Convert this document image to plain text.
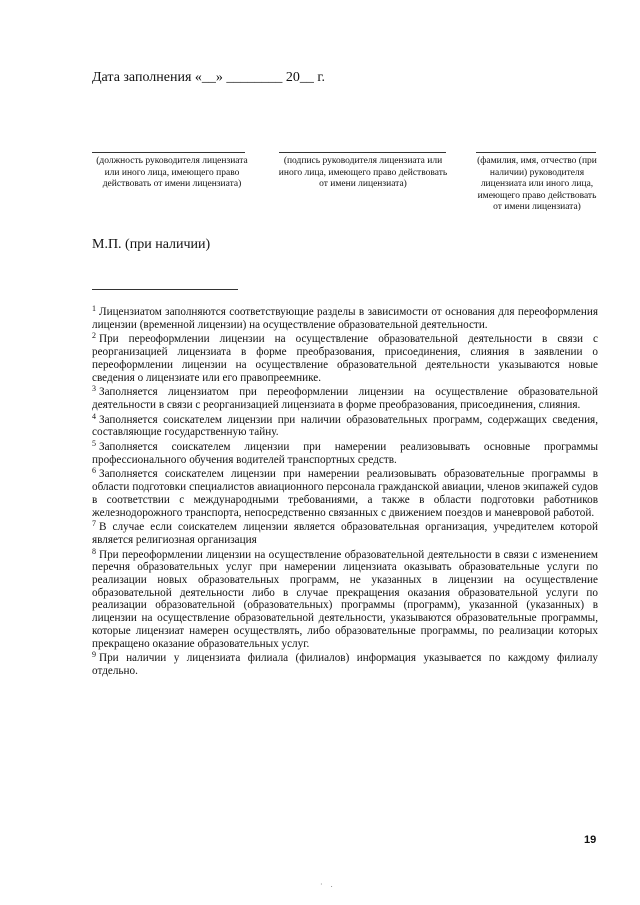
Дата заполнения «__» ________ 20__ г.
(должность руководителя лицензиата или иного лица, имеющего право действовать от имени лицензиата)
(подпись руководителя лицензиата или иного лица, имеющего право действовать от имени лицензиата)
(фамилия, имя, отчество (при наличии) руководителя лицензиата или иного лица, имеющего право действовать от имени лицензиата)
М.П. (при наличии)

$^1$ Лицензиатом заполняются соответствующие разделы в зависимости от основания для переоформления лицензии (временной лицензии) на осуществление образовательной деятельности.

$^2$ При переоформлении лицензии на осуществление образовательной деятельности в связи с реорганизацией лицензиата в форме преобразования, присоединения, слияния в заявлении о переоформлении лицензии на осуществление образовательной деятельности указываются новые сведения о лицензиате или его правопреемнике.

$^3$ Заполняется лицензиатом при переоформлении лицензии на осуществление образовательной деятельности в связи с реорганизацией лицензиата в форме преобразования, присоединения, слияния.

$^4$ Заполняется соискателем лицензии при наличии образовательных программ, содержащих сведения, составляющие государственную тайну.

$^5$ Заполняется соискателем лицензии при намерении реализовывать основные программы профессионального обучения водителей транспортных средств.

$^6$ Заполняется соискателем лицензии при намерении реализовывать образовательные программы в области подготовки специалистов авиационного персонала гражданской авиации, членов экипажей судов в соответствии с международными требованиями, а также в области подготовки работников железнодорожного транспорта, непосредственно связанных с движением поездов и маневровой работой.

$^7$ В случае если соискателем лицензии является образовательная организация, учредителем которой является религиозная организация

$^8$ При переоформлении лицензии на осуществление образовательной деятельности в связи с изменением перечня образовательных услуг при намерении лицензиата оказывать образовательные услуги по реализации новых образовательных программ, не указанных в лицензии на осуществление образовательной деятельности либо в случае прекращения оказания образовательной услуги по реализации образовательной (образовательных) программы (программ), указанной (указанных) в лицензии на осуществление образовательной деятельности, указываются образовательные программы, которые лицензиат намерен осуществлять, либо образовательные программы, по реализации которых прекращено оказание образовательных услуг.

$^9$ При наличии у лицензиата филиала (филиалов) информация указывается по каждому филиалу отдельно.

19
·.
